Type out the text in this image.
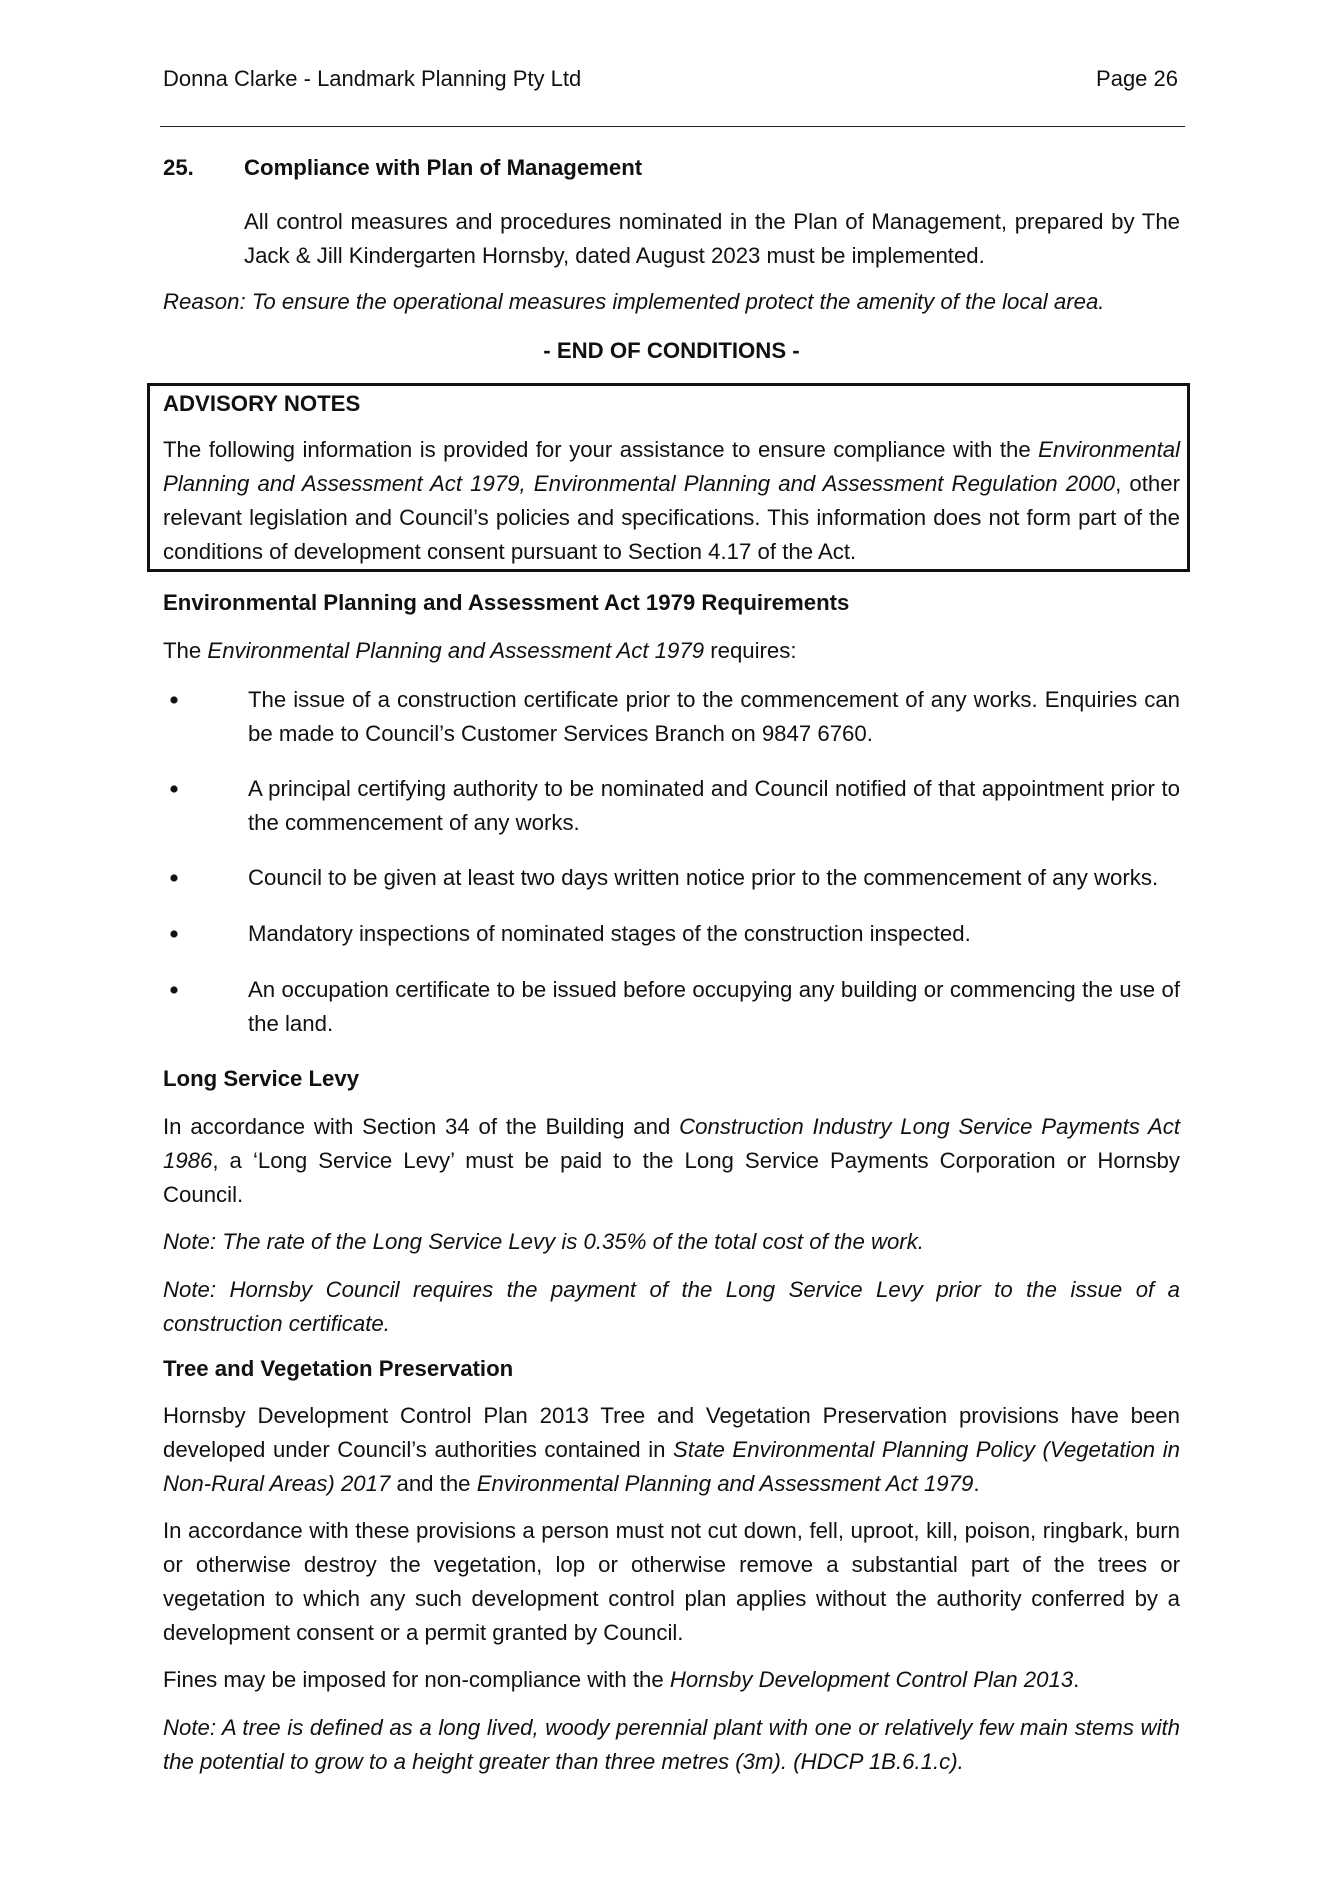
Donna Clarke - Landmark Planning Pty Ltd	Page 26
25. Compliance with Plan of Management
All control measures and procedures nominated in the Plan of Management, prepared by The Jack & Jill Kindergarten Hornsby, dated August 2023 must be implemented.
Reason: To ensure the operational measures implemented protect the amenity of the local area.
- END OF CONDITIONS -
ADVISORY NOTES
The following information is provided for your assistance to ensure compliance with the Environmental Planning and Assessment Act 1979, Environmental Planning and Assessment Regulation 2000, other relevant legislation and Council’s policies and specifications. This information does not form part of the conditions of development consent pursuant to Section 4.17 of the Act.
Environmental Planning and Assessment Act 1979 Requirements
The Environmental Planning and Assessment Act 1979 requires:
The issue of a construction certificate prior to the commencement of any works. Enquiries can be made to Council’s Customer Services Branch on 9847 6760.
A principal certifying authority to be nominated and Council notified of that appointment prior to the commencement of any works.
Council to be given at least two days written notice prior to the commencement of any works.
Mandatory inspections of nominated stages of the construction inspected.
An occupation certificate to be issued before occupying any building or commencing the use of the land.
Long Service Levy
In accordance with Section 34 of the Building and Construction Industry Long Service Payments Act 1986, a ‘Long Service Levy’ must be paid to the Long Service Payments Corporation or Hornsby Council.
Note: The rate of the Long Service Levy is 0.35% of the total cost of the work.
Note: Hornsby Council requires the payment of the Long Service Levy prior to the issue of a construction certificate.
Tree and Vegetation Preservation
Hornsby Development Control Plan 2013 Tree and Vegetation Preservation provisions have been developed under Council’s authorities contained in State Environmental Planning Policy (Vegetation in Non-Rural Areas) 2017 and the Environmental Planning and Assessment Act 1979.
In accordance with these provisions a person must not cut down, fell, uproot, kill, poison, ringbark, burn or otherwise destroy the vegetation, lop or otherwise remove a substantial part of the trees or vegetation to which any such development control plan applies without the authority conferred by a development consent or a permit granted by Council.
Fines may be imposed for non-compliance with the Hornsby Development Control Plan 2013.
Note: A tree is defined as a long lived, woody perennial plant with one or relatively few main stems with the potential to grow to a height greater than three metres (3m). (HDCP 1B.6.1.c).
